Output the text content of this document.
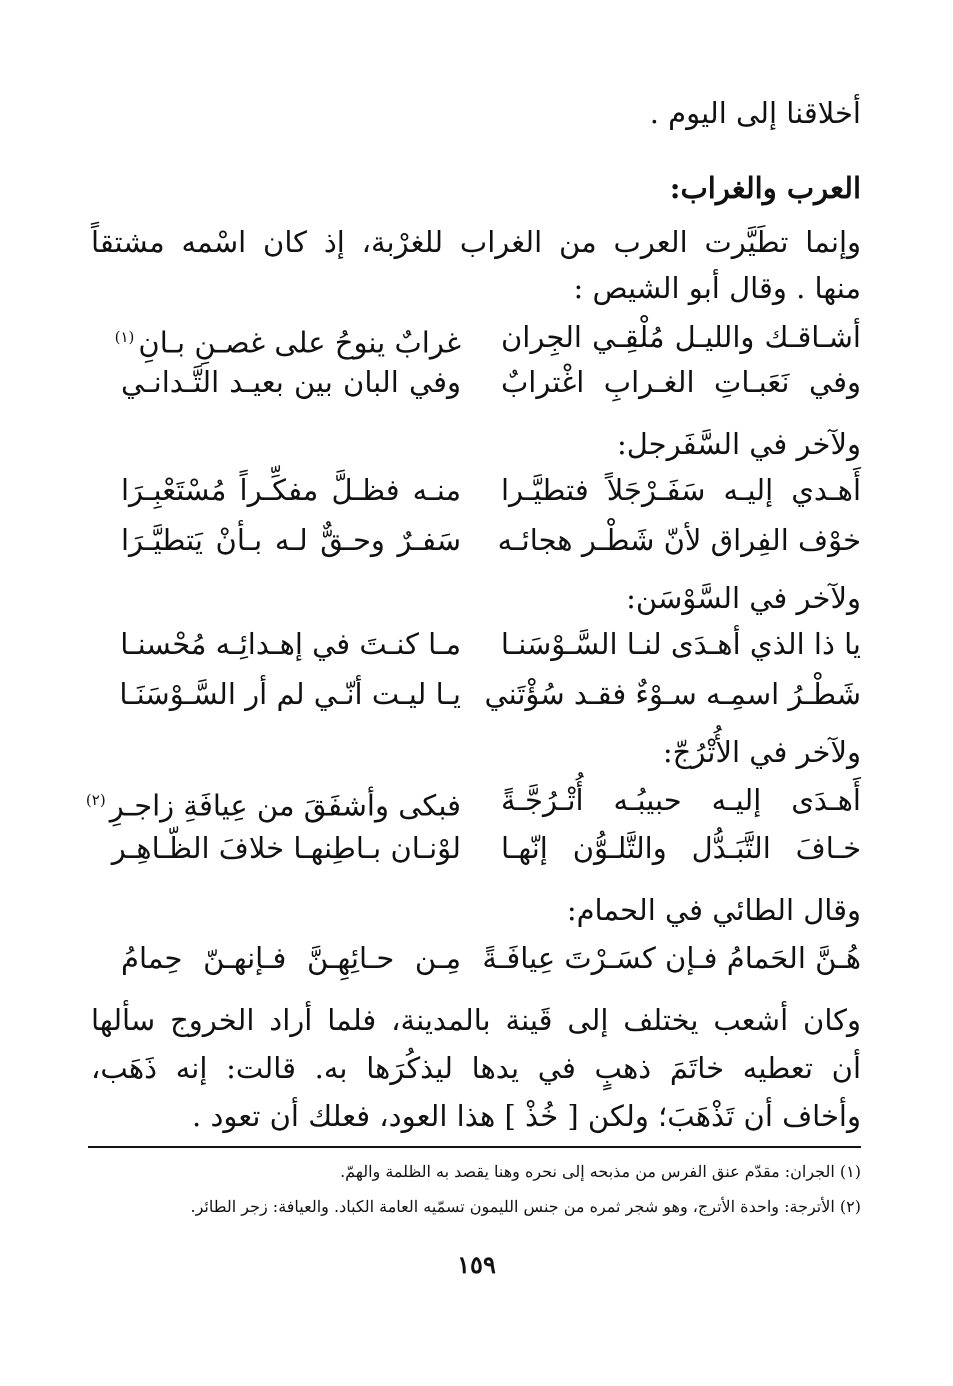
أخلاقنا إلى اليوم .
العرب والغراب:
وإنما تطَيَّرت العرب من الغراب للغرْبة، إذ كان اسْمه مشتقاً
منها . وقال أبو الشيص :
أشـاقـك والليـل مُلْقِـي الجِران
غرابٌ ينوحُ على غصـنِ بـانِ$^{(١)}$
وفي نَعَبـاتِ الغـرابِ اغْترابٌ
وفي البان بين بعيـد التَّـدانـي
ولآخر في السَّفَرجل:
أَهـدي إليـه سَفَـرْجَلاً فتطيَّـرا
منـه فظـلَّ مفكِّـراً مُسْتَعْبِـرَا
خوْف الفِراق لأنّ شَطْـر هجائـه
سَفـرٌ وحـقٌّ لـه بـأنْ يَتطيَّـرَا
ولآخر في السَّوْسَن:
يا ذا الذي أهـدَى لنـا السَّـوْسَنـا
مـا كنـتَ في إهـدائِـه مُحْسنـا
شَطْـرُ اسمِـه سـوْءٌ فقـد سُؤْتَني
يـا ليـت أنّـي لم أر السَّـوْسَنَـا
ولآخر في الأُتْرُجّ:
أَهـدَى إليـه حبيبُـه أُتْـرُجَّـةً
فبكى وأشفَقَ من عِيافَةِ زاجـرِ$^{(٢)}$
خـافَ التَّبَـدُّل والتَّلـوُّن إنّهـا
لوْنـان بـاطِنهـا خلافَ الظّـاهِـر
وقال الطائي في الحمام:
هُـنَّ الحَمامُ فـإن كسَـرْتَ عِيافَـةً
مِـن حـائِهِـنَّ فـإنهـنّ حِمامُ
وكان أشعب يختلف إلى قَينة بالمدينة، فلما أراد الخروج سألها
أن تعطيه خاتَمَ ذهبٍ في يدها ليذكُرَها به. قالت: إنه ذَهَب،
وأخاف أن تَذْهَبَ؛ ولكن [ خُذْ ] هذا العود، فعلك أن تعود .
(١) الجران: مقدّم عنق الفرس من مذبحه إلى نحره وهنا يقصد به الظلمة والهمّ.
(٢) الأترجة: واحدة الأترج، وهو شجر ثمره من جنس الليمون تسمّيه العامة الكباد. والعيافة: زجر الطائر.
١٥٩
